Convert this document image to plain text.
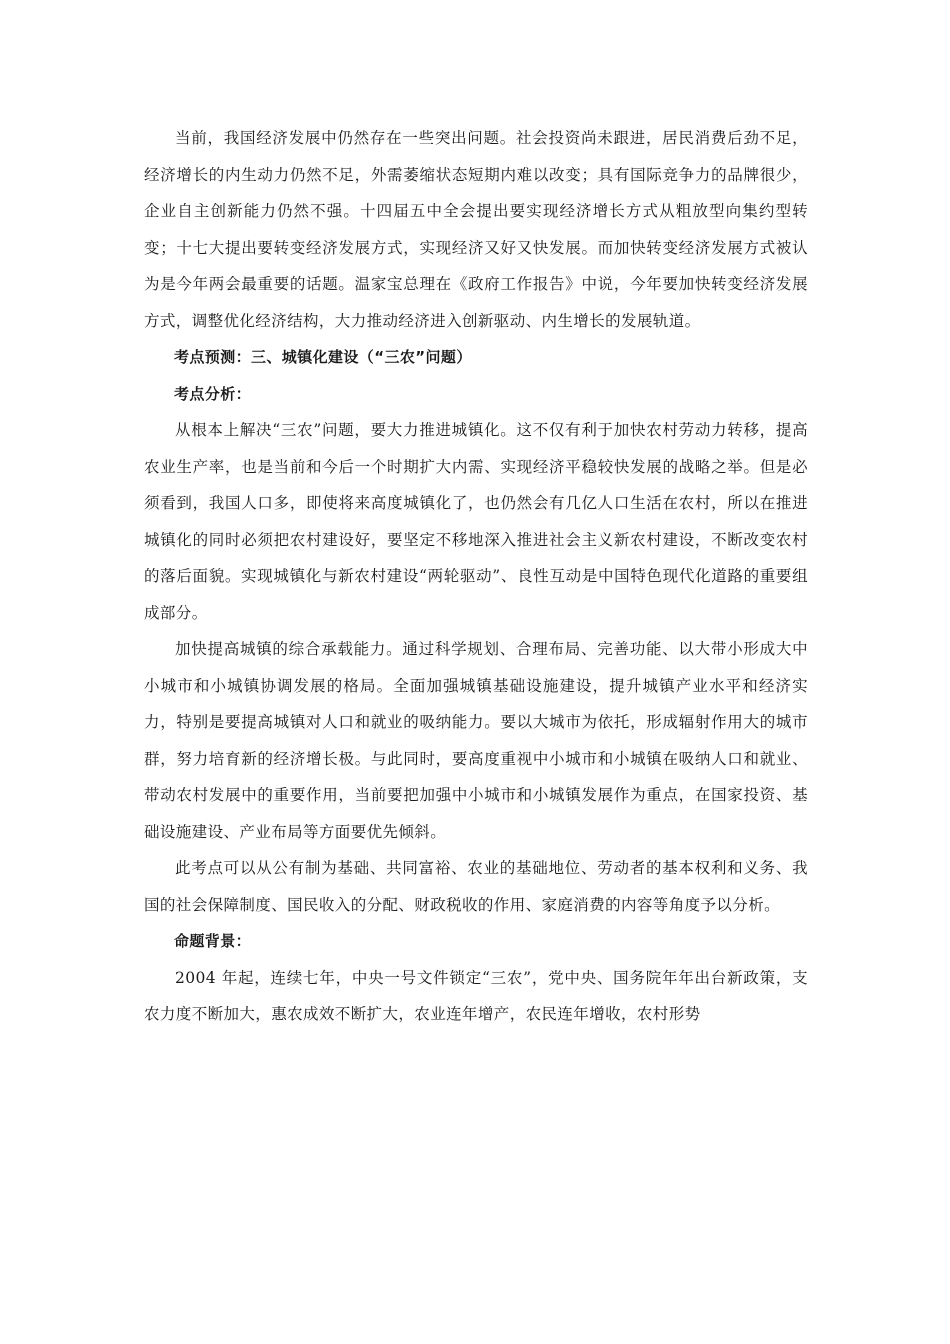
当前，我国经济发展中仍然存在一些突出问题。社会投资尚未跟进，居民消费后劲不足，经济增长的内生动力仍然不足，外需萎缩状态短期内难以改变；具有国际竞争力的品牌很少，企业自主创新能力仍然不强。十四届五中全会提出要实现经济增长方式从粗放型向集约型转变；十七大提出要转变经济发展方式，实现经济又好又快发展。而加快转变经济发展方式被认为是今年两会最重要的话题。温家宝总理在《政府工作报告》中说，今年要加快转变经济发展方式，调整优化经济结构，大力推动经济进入创新驱动、内生增长的发展轨道。

考点预测：三、城镇化建设（“三农”问题）

考点分析：

从根本上解决“三农”问题，要大力推进城镇化。这不仅有利于加快农村劳动力转移，提高农业生产率，也是当前和今后一个时期扩大内需、实现经济平稳较快发展的战略之举。但是必须看到，我国人口多，即使将来高度城镇化了，也仍然会有几亿人口生活在农村，所以在推进城镇化的同时必须把农村建设好，要坚定不移地深入推进社会主义新农村建设，不断改变农村的落后面貌。实现城镇化与新农村建设“两轮驱动”、良性互动是中国特色现代化道路的重要组成部分。

加快提高城镇的综合承载能力。通过科学规划、合理布局、完善功能、以大带小形成大中小城市和小城镇协调发展的格局。全面加强城镇基础设施建设，提升城镇产业水平和经济实力，特别是要提高城镇对人口和就业的吸纳能力。要以大城市为依托，形成辐射作用大的城市群，努力培育新的经济增长极。与此同时，要高度重视中小城市和小城镇在吸纳人口和就业、带动农村发展中的重要作用，当前要把加强中小城市和小城镇发展作为重点，在国家投资、基础设施建设、产业布局等方面要优先倾斜。

此考点可以从公有制为基础、共同富裕、农业的基础地位、劳动者的基本权利和义务、我国的社会保障制度、国民收入的分配、财政税收的作用、家庭消费的内容等角度予以分析。

命题背景：

2004 年起，连续七年，中央一号文件锁定“三农”，党中央、国务院年年出台新政策，支农力度不断加大，惠农成效不断扩大，农业连年增产，农民连年增收，农村形势
